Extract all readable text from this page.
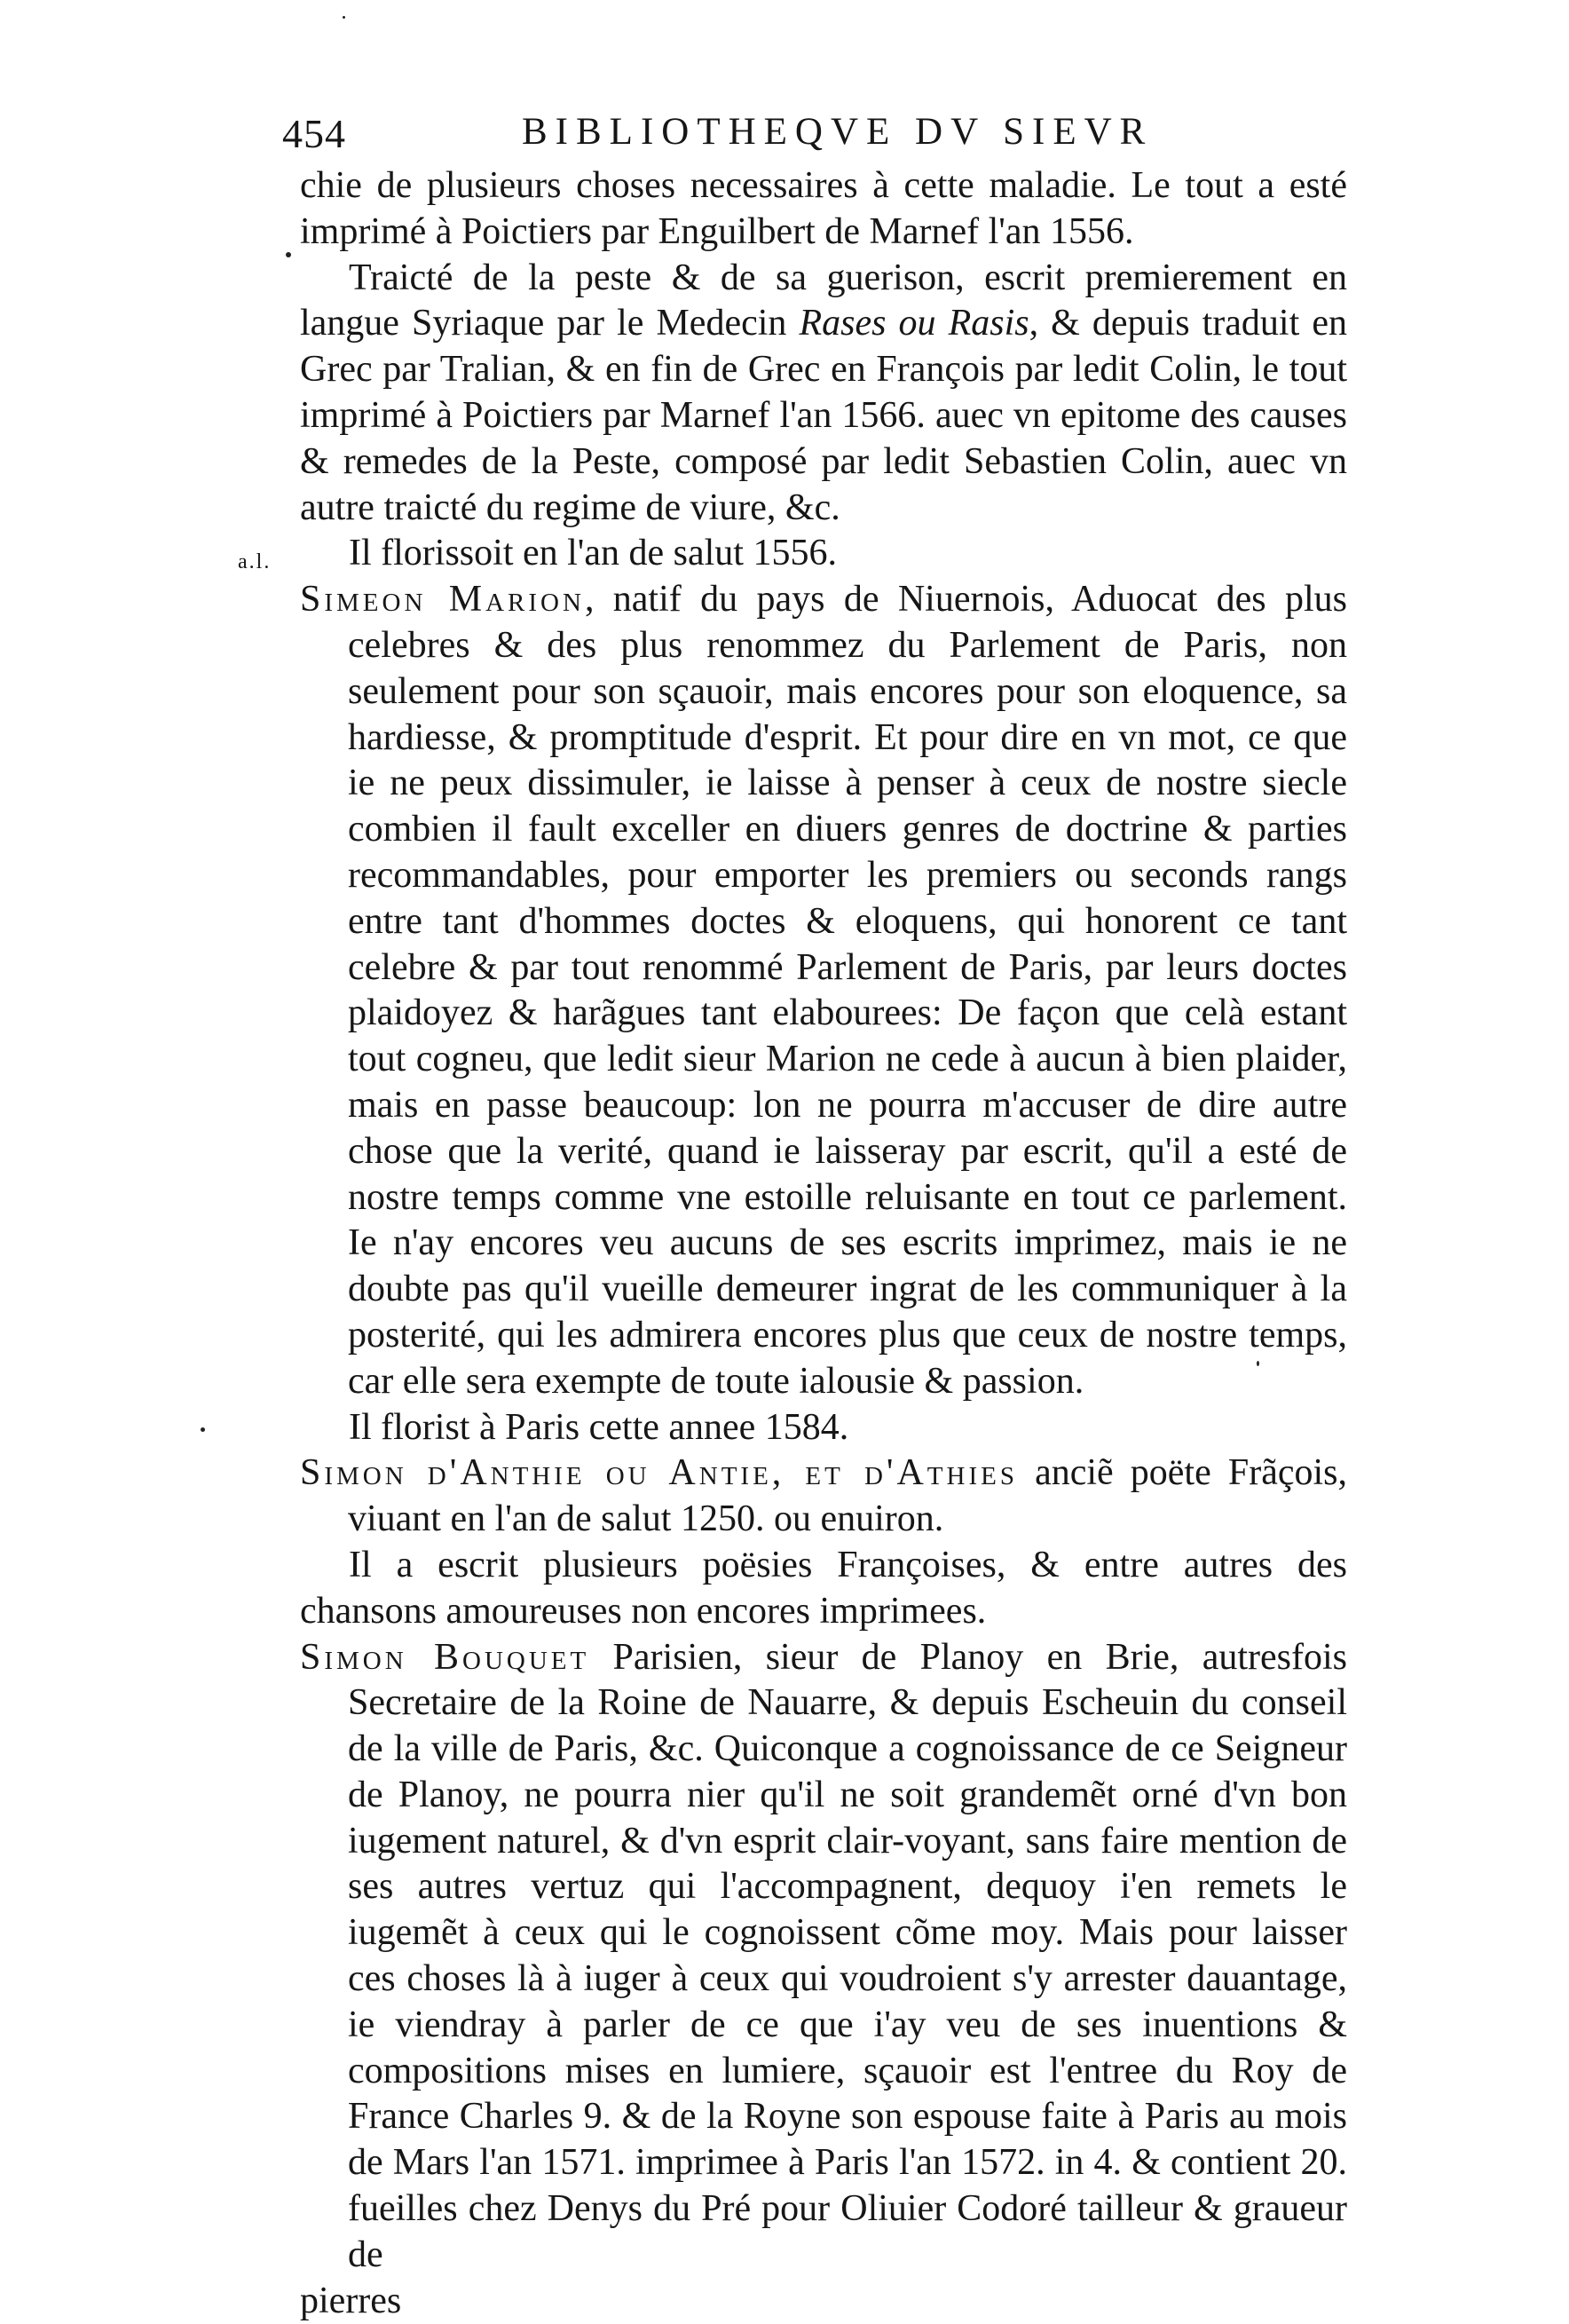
454	BIBLIOTHEQVE DV SIEVR
a.l.

chie de plusieurs choses necessaires à cette maladie. Le tout a esté imprimé à Poictiers par Enguilbert de Marnef l'an 1556.

Traicté de la peste & de sa guerison, escrit premierement en langue Syriaque par le Medecin Rases ou Rasis, & depuis traduit en Grec par Tralian, & en fin de Grec en François par ledit Colin, le tout imprimé à Poictiers par Marnef l'an 1566. auec vn epitome des causes & remedes de la Peste, composé par ledit Sebastien Colin, auec vn autre traicté du regime de viure, &c.

Il florissoit en l'an de salut 1556.

Simeon Marion, natif du pays de Niuernois, Aduocat des plus celebres & des plus renommez du Parlement de Paris, non seulement pour son sçauoir, mais encores pour son eloquence, sa hardiesse, & promptitude d'esprit. Et pour dire en vn mot, ce que ie ne peux dissimuler, ie laisse à penser à ceux de nostre siecle combien il fault exceller en diuers genres de doctrine & parties recommandables, pour emporter les premiers ou seconds rangs entre tant d'hommes doctes & eloquens, qui honorent ce tant celebre & par tout renommé Parlement de Paris, par leurs doctes plaidoyez & harãgues tant elabourees: De façon que celà estant tout cogneu, que ledit sieur Marion ne cede à aucun à bien plaider, mais en passe beaucoup: lon ne pourra m'accuser de dire autre chose que la verité, quand ie laisseray par escrit, qu'il a esté de nostre temps comme vne estoille reluisante en tout ce parlement. Ie n'ay encores veu aucuns de ses escrits imprimez, mais ie ne doubte pas qu'il vueille demeurer ingrat de les communiquer à la posterité, qui les admirera encores plus que ceux de nostre temps, car elle sera exempte de toute ialousie & passion.

Il florist à Paris cette annee 1584.

Simon d'Anthie ou Antie, et d'Athies anciẽ poëte Frãçois, viuant en l'an de salut 1250. ou enuiron.

Il a escrit plusieurs poësies Françoises, & entre autres des chansons amoureuses non encores imprimees.

Simon Bouquet Parisien, sieur de Planoy en Brie, autresfois Secretaire de la Roine de Nauarre, & depuis Escheuin du conseil de la ville de Paris, &c. Quiconque a cognoissance de ce Seigneur de Planoy, ne pourra nier qu'il ne soit grandemẽt orné d'vn bon iugement naturel, & d'vn esprit clair-voyant, sans faire mention de ses autres vertuz qui l'accompagnent, dequoy i'en remets le iugemẽt à ceux qui le cognoissent cõme moy. Mais pour laisser ces choses là à iuger à ceux qui voudroient s'y arrester dauantage, ie viendray à parler de ce que i'ay veu de ses inuentions & compositions mises en lumiere, sçauoir est l'entree du Roy de France Charles 9. & de la Royne son espouse faite à Paris au mois de Mars l'an 1571. imprimee à Paris l'an 1572. in 4. & contient 20. fueilles chez Denys du Pré pour Oliuier Codoré tailleur & graueur de

pierres
